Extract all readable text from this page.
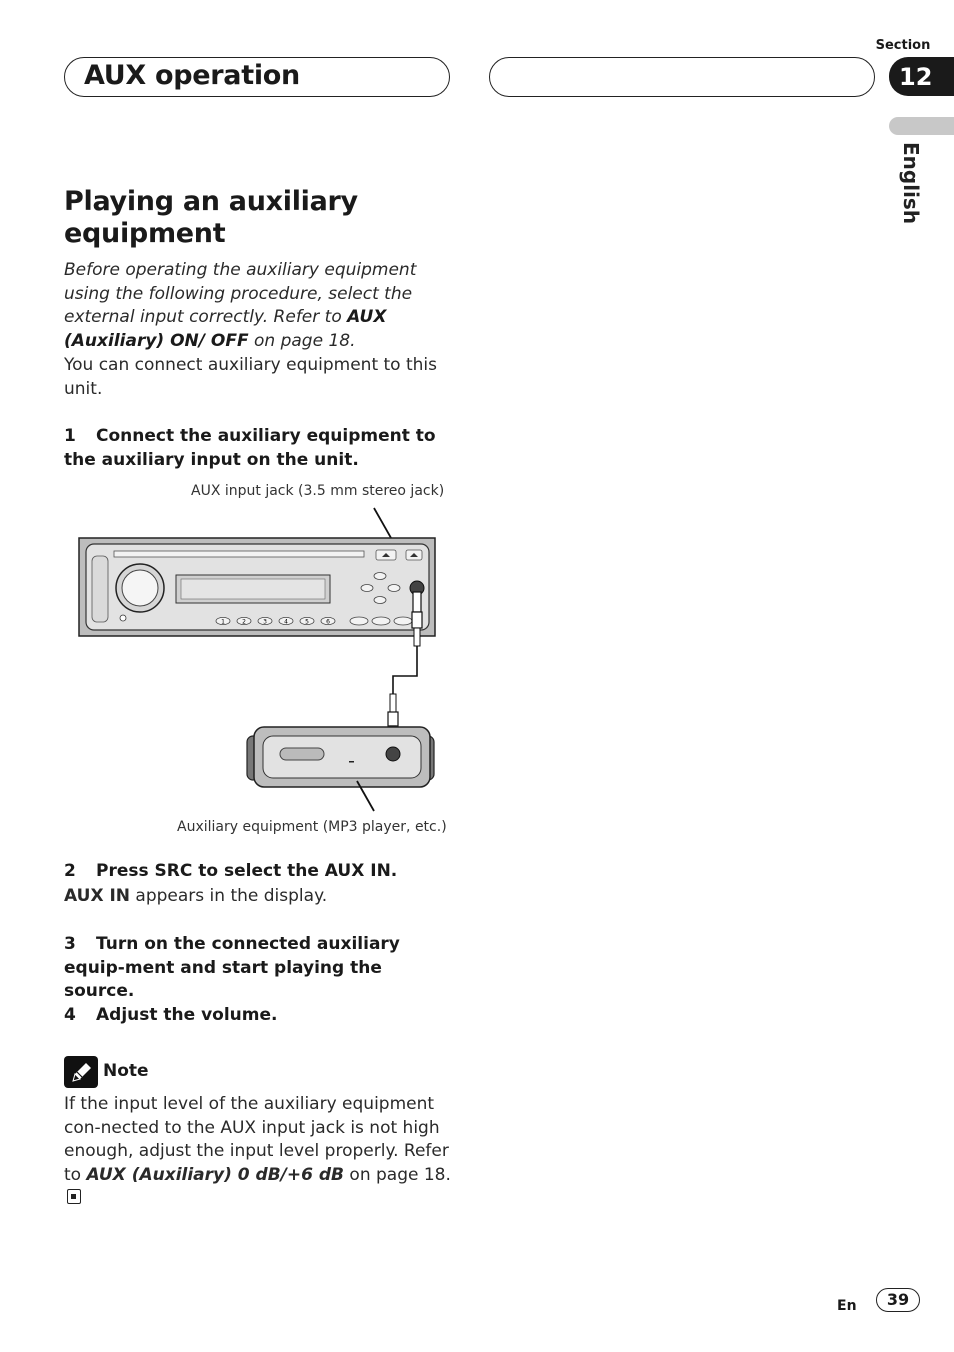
AUX operation
Section
12
English
Playing an auxiliary equipment
Before operating the auxiliary equipment using the following procedure, select the external input correctly. Refer to AUX (Auxiliary) ON/ OFF on page 18.
You can connect auxiliary equipment to this unit.
1 Connect the auxiliary equipment to the auxiliary input on the unit.
AUX input jack (3.5 mm stereo jack)
Auxiliary equipment (MP3 player, etc.)
1	2	3	4	5	6
2 Press SRC to select the AUX IN.
AUX IN appears in the display.
3 Turn on the connected auxiliary equip-ment and start playing the source.
4 Adjust the volume.
Note
If the input level of the auxiliary equipment con-nected to the AUX input jack is not high enough, adjust the input level properly. Refer to AUX (Auxiliary) 0 dB/+6 dB on page 18.
En	39
